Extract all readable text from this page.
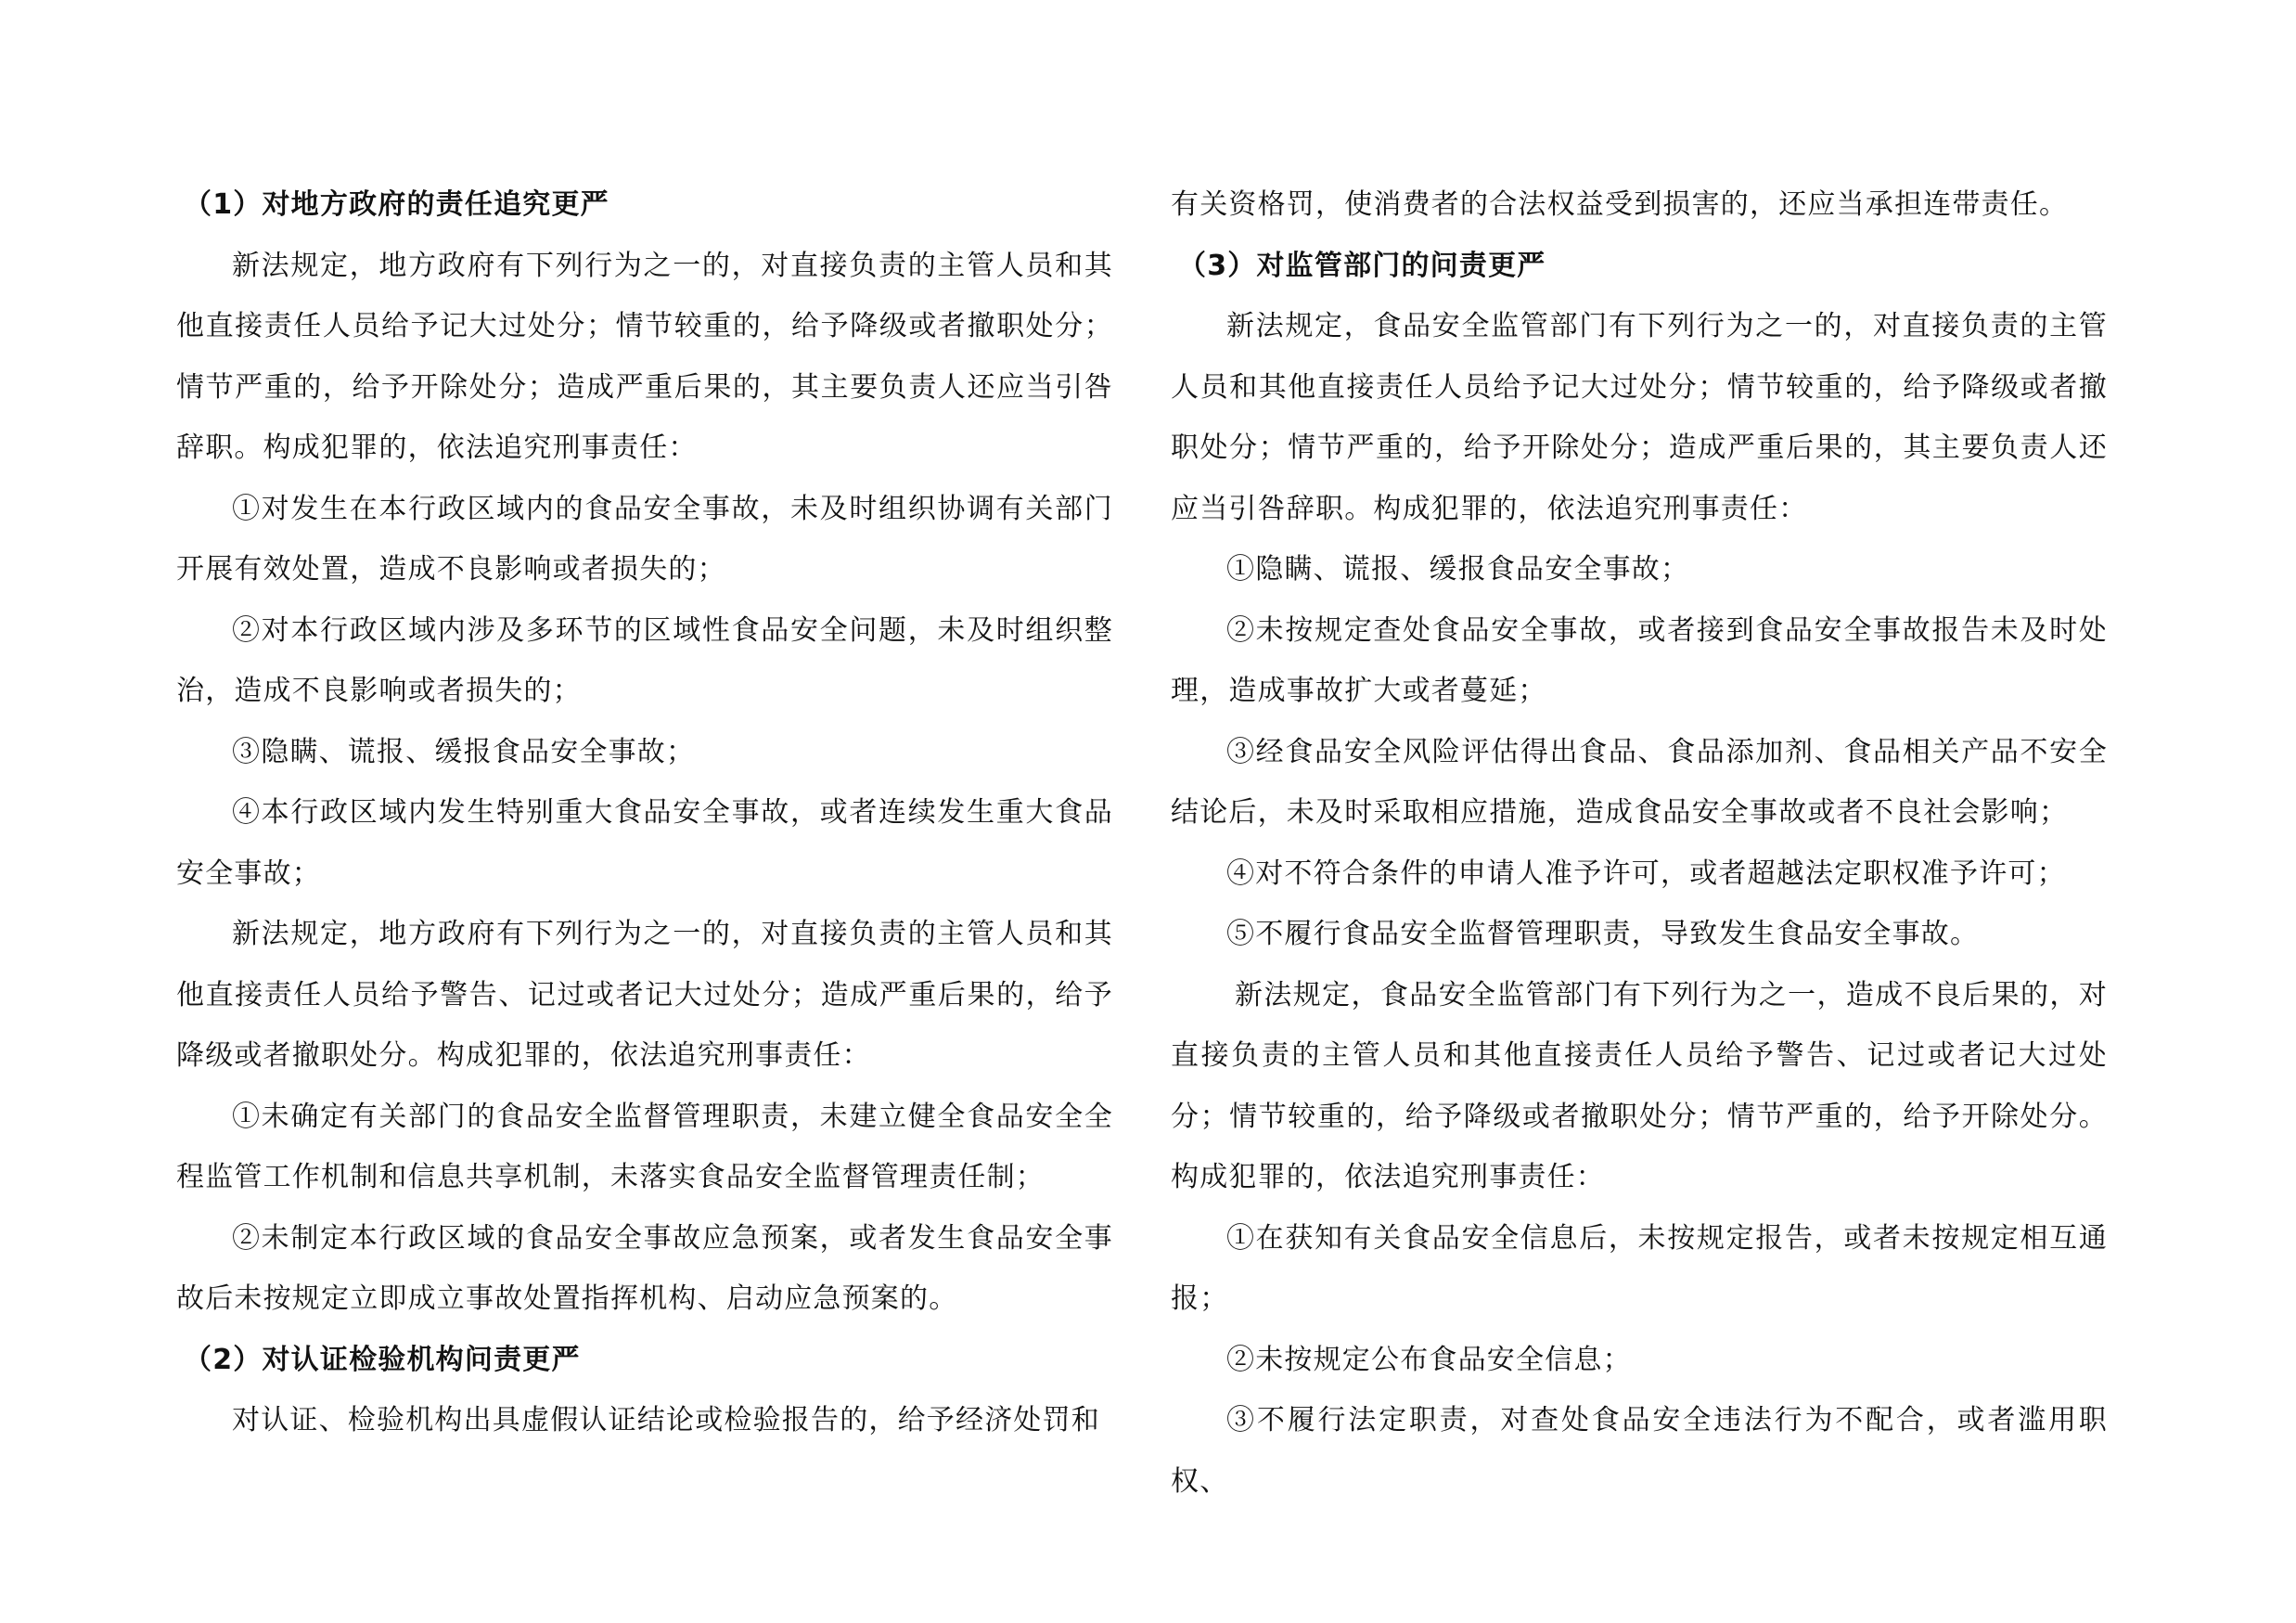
（1）对地方政府的责任追究更严

新法规定，地方政府有下列行为之一的，对直接负责的主管人员和其他直接责任人员给予记大过处分；情节较重的，给予降级或者撤职处分；情节严重的，给予开除处分；造成严重后果的，其主要负责人还应当引咎辞职。构成犯罪的，依法追究刑事责任：

①对发生在本行政区域内的食品安全事故，未及时组织协调有关部门开展有效处置，造成不良影响或者损失的；

②对本行政区域内涉及多环节的区域性食品安全问题，未及时组织整治，造成不良影响或者损失的；

③隐瞒、谎报、缓报食品安全事故；

④本行政区域内发生特别重大食品安全事故，或者连续发生重大食品安全事故；

新法规定，地方政府有下列行为之一的，对直接负责的主管人员和其他直接责任人员给予警告、记过或者记大过处分；造成严重后果的，给予降级或者撤职处分。构成犯罪的，依法追究刑事责任：

①未确定有关部门的食品安全监督管理职责，未建立健全食品安全全程监管工作机制和信息共享机制，未落实食品安全监督管理责任制；

②未制定本行政区域的食品安全事故应急预案，或者发生食品安全事故后未按规定立即成立事故处置指挥机构、启动应急预案的。

（2）对认证检验机构问责更严

对认证、检验机构出具虚假认证结论或检验报告的，给予经济处罚和

有关资格罚，使消费者的合法权益受到损害的，还应当承担连带责任。

（3）对监管部门的问责更严

新法规定，食品安全监管部门有下列行为之一的，对直接负责的主管人员和其他直接责任人员给予记大过处分；情节较重的，给予降级或者撤职处分；情节严重的，给予开除处分；造成严重后果的，其主要负责人还应当引咎辞职。构成犯罪的，依法追究刑事责任：

①隐瞒、谎报、缓报食品安全事故；

②未按规定查处食品安全事故，或者接到食品安全事故报告未及时处理，造成事故扩大或者蔓延；

③经食品安全风险评估得出食品、食品添加剂、食品相关产品不安全结论后，未及时采取相应措施，造成食品安全事故或者不良社会影响；

④对不符合条件的申请人准予许可，或者超越法定职权准予许可；

⑤不履行食品安全监督管理职责，导致发生食品安全事故。

新法规定，食品安全监管部门有下列行为之一，造成不良后果的，对直接负责的主管人员和其他直接责任人员给予警告、记过或者记大过处分；情节较重的，给予降级或者撤职处分；情节严重的，给予开除处分。构成犯罪的，依法追究刑事责任：

①在获知有关食品安全信息后，未按规定报告，或者未按规定相互通报；

②未按规定公布食品安全信息；

③不履行法定职责，对查处食品安全违法行为不配合，或者滥用职权、
